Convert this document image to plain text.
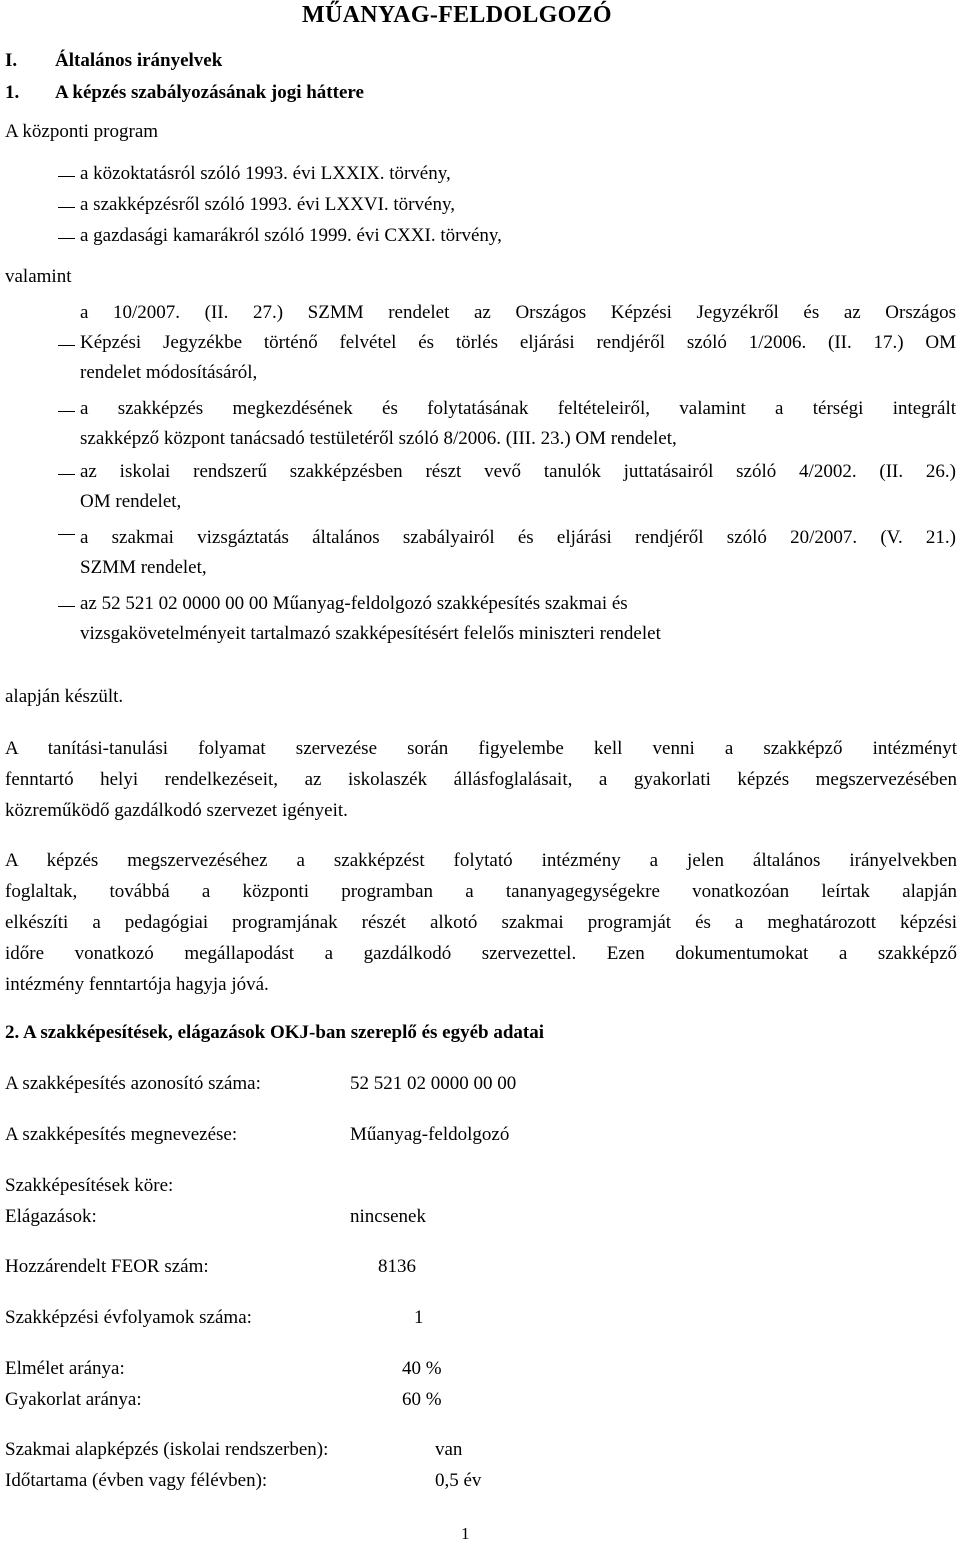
MŰANYAG-FELDOLGOZÓ
I. Általános irányelvek
1. A képzés szabályozásának jogi háttere
A központi program
a közoktatásról szóló 1993. évi LXXIX. törvény,
a szakképzésről szóló 1993. évi LXXVI. törvény,
a gazdasági kamarákról szóló 1999. évi CXXI. törvény,
valamint
a 10/2007. (II. 27.) SZMM rendelet az Országos Képzési Jegyzékről és az Országos
Képzési Jegyzékbe történő felvétel és törlés eljárási rendjéről szóló 1/2006. (II. 17.) OM
rendelet módosításáról,
a szakképzés megkezdésének és folytatásának feltételeiről, valamint a térségi integrált
szakképző központ tanácsadó testületéről szóló 8/2006. (III. 23.) OM rendelet,
az iskolai rendszerű szakképzésben részt vevő tanulók juttatásairól szóló 4/2002. (II. 26.)
OM rendelet,
a szakmai vizsgáztatás általános szabályairól és eljárási rendjéről szóló 20/2007. (V. 21.)
SZMM rendelet,
az 52 521 02 0000 00 00 Műanyag-feldolgozó szakképesítés szakmai és
vizsgakövetelményeit tartalmazó szakképesítésért felelős miniszteri rendelet
alapján készült.
A tanítási-tanulási folyamat szervezése során figyelembe kell venni a szakképző intézményt
fenntartó helyi rendelkezéseit, az iskolaszék állásfoglalásait, a gyakorlati képzés megszervezésében
közreműködő gazdálkodó szervezet igényeit.
A képzés megszervezéséhez a szakképzést folytató intézmény a jelen általános irányelvekben
foglaltak, továbbá a központi programban a tananyagegységekre vonatkozóan leírtak alapján
elkészíti a pedagógiai programjának részét alkotó szakmai programját és a meghatározott képzési
időre vonatkozó megállapodást a gazdálkodó szervezettel. Ezen dokumentumokat a szakképző
intézmény fenntartója hagyja jóvá.
2. A szakképesítések, elágazások OKJ-ban szereplő és egyéb adatai
A szakképesítés azonosító száma:	52 521 02 0000 00 00
A szakképesítés megnevezése:	Műanyag-feldolgozó
Szakképesítések köre:
Elágazások:	nincsenek
Hozzárendelt FEOR szám:	8136
Szakképzési évfolyamok száma:	1
Elmélet aránya:	40 %
Gyakorlat aránya:	60 %
Szakmai alapképzés (iskolai rendszerben):	van
Időtartama (évben vagy félévben):	0,5 év
1
